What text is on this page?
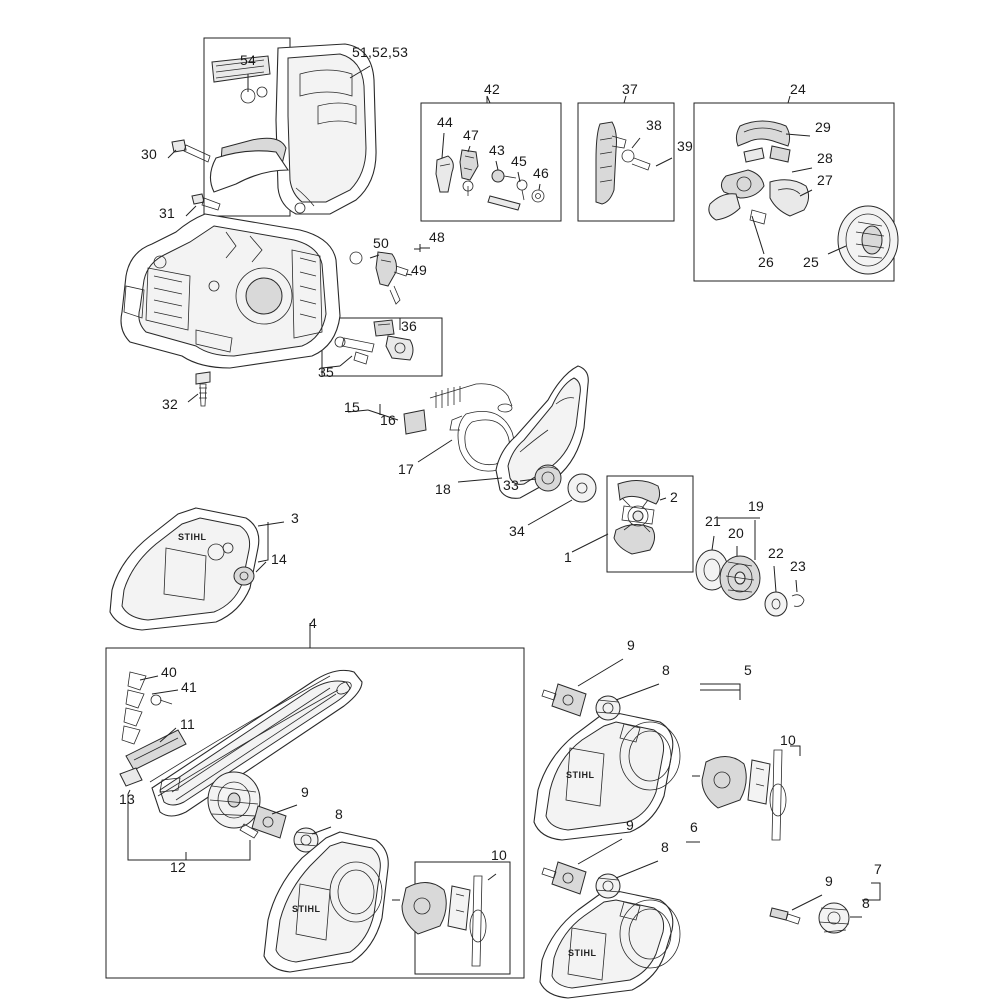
STIHL
STIHL
STIHL
STIHL
54	51,52,53
42	37	24
44	38	29
30
47
39
28
43
45
27
46
31
48
50
26 25
49
36
35
32	15
16
17
18	33
2
34
19
21
3
20
14	1	22
23
4
9
8	5
40
41
10
11
13	9
8
9	6
8
12
10
7
9
8
